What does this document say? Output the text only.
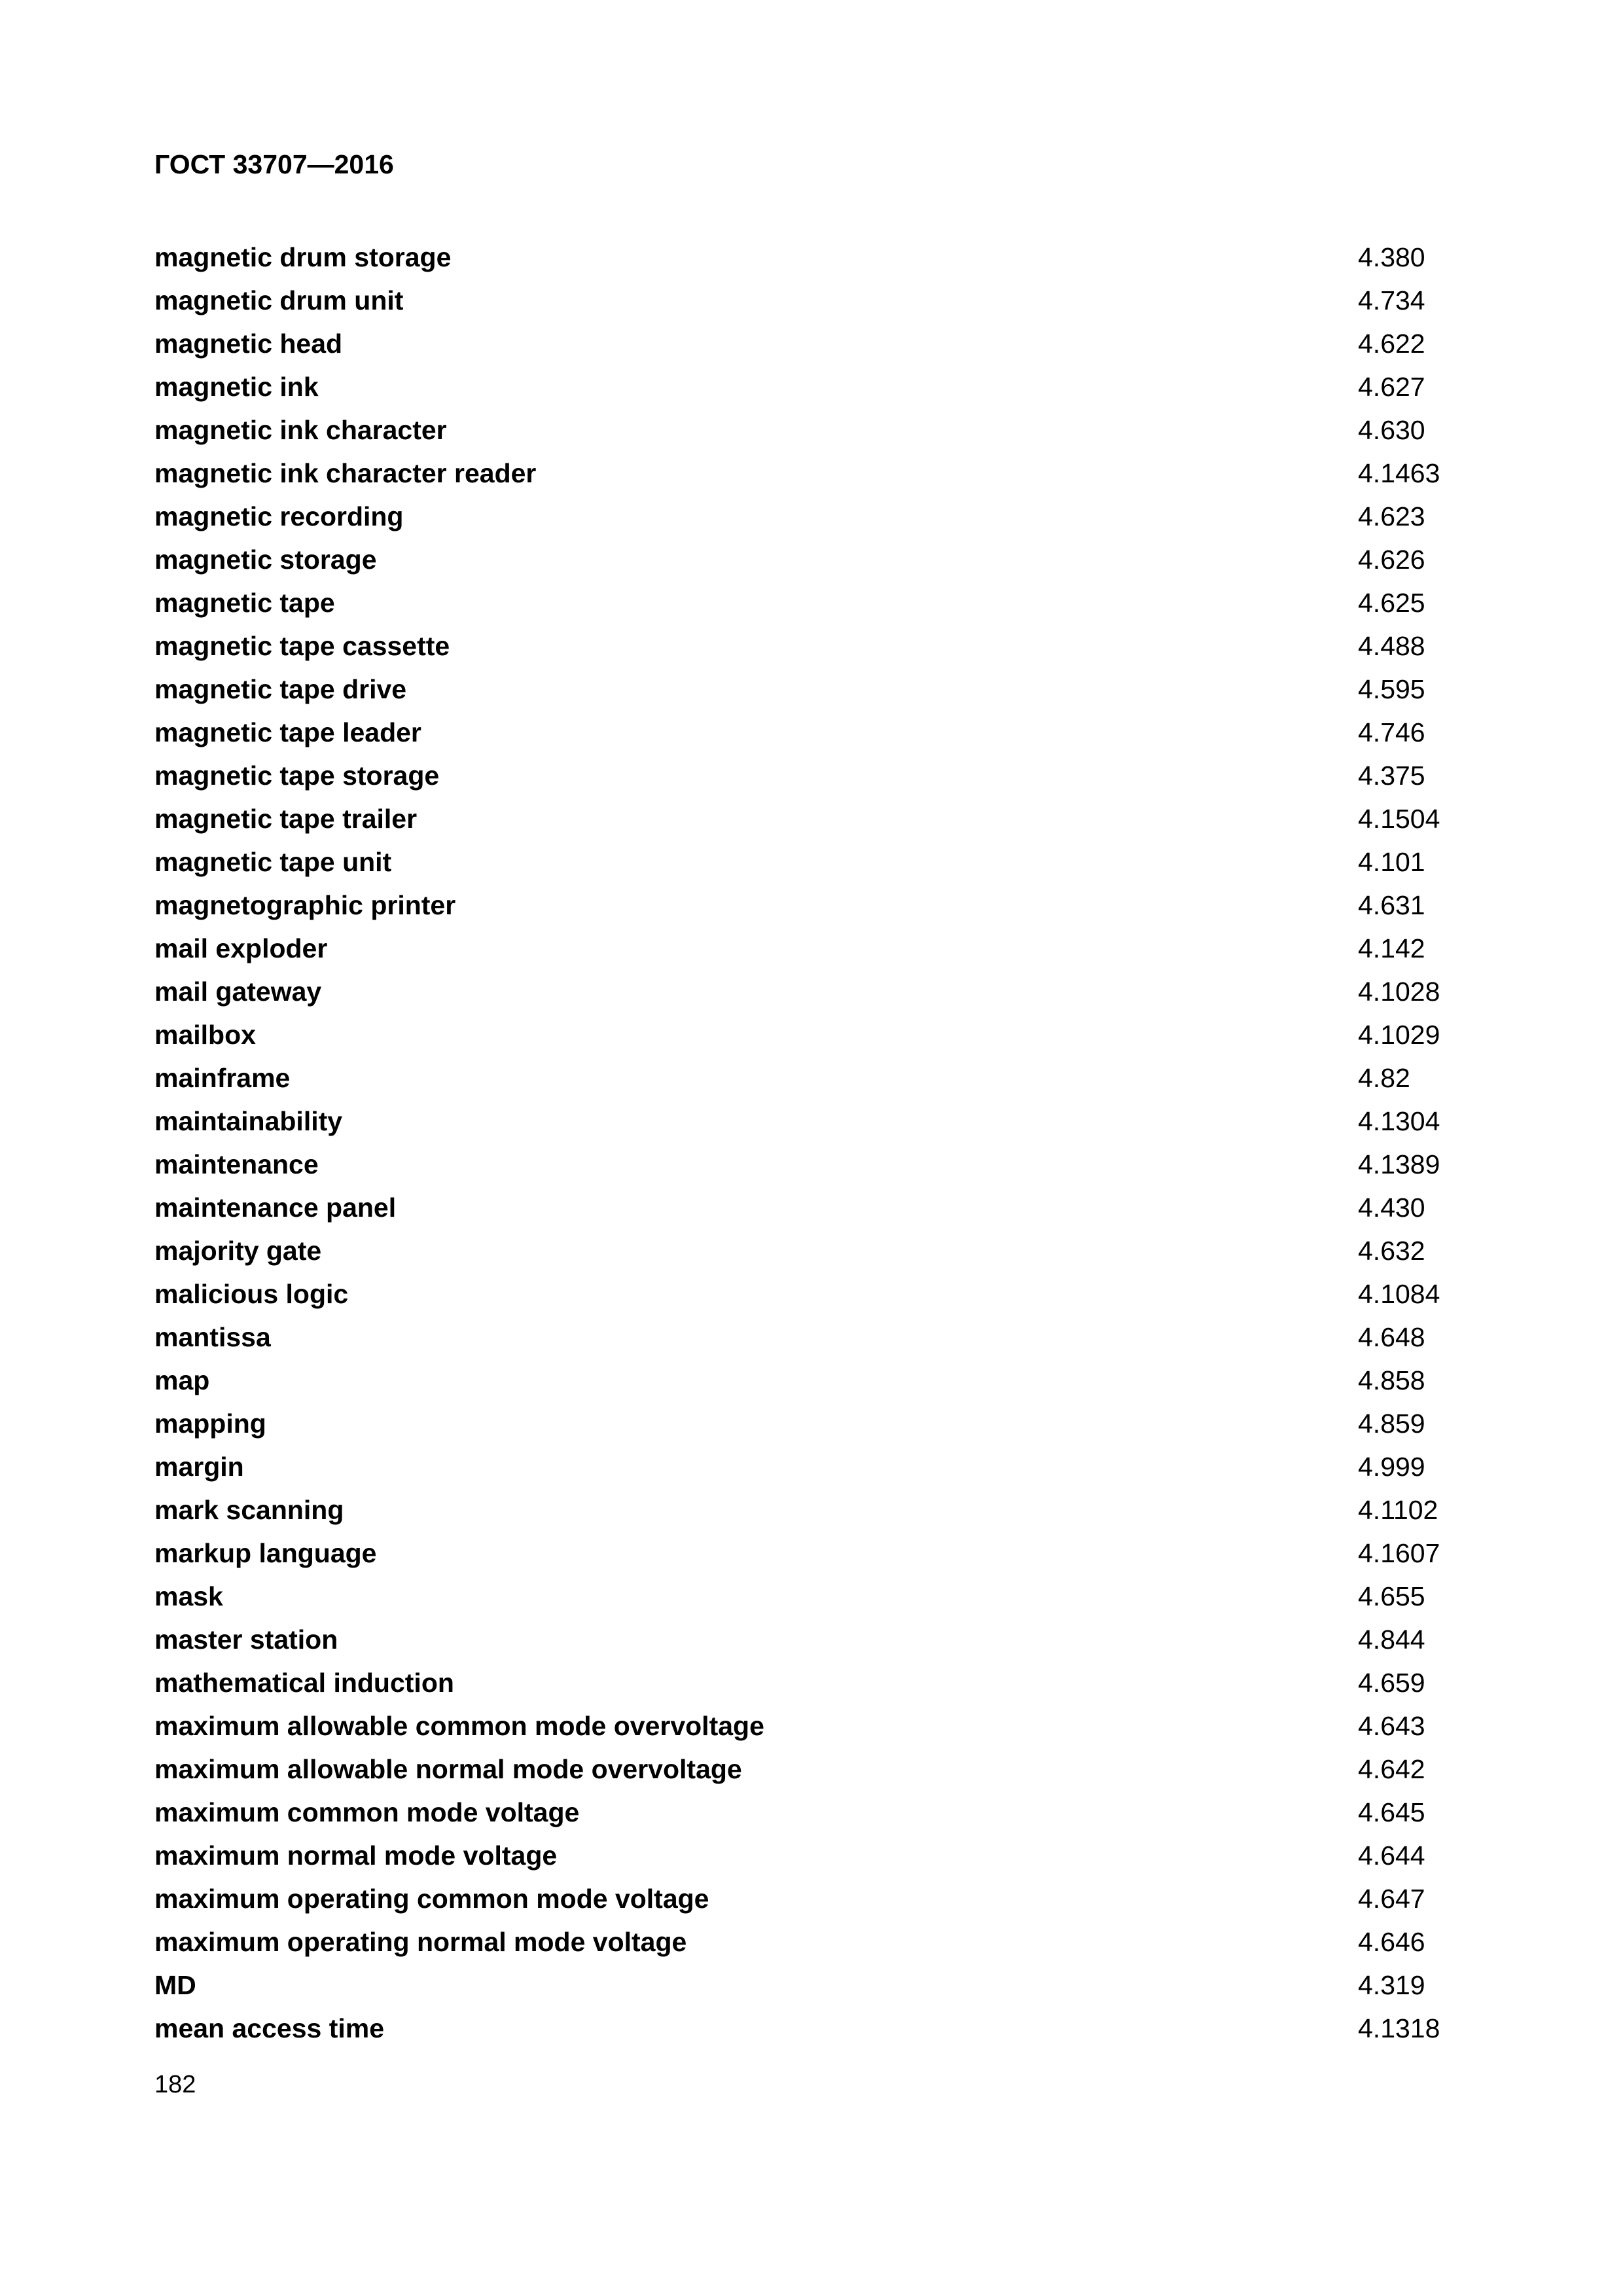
ГОСТ 33707—2016
magnetic drum storage	4.380
magnetic drum unit	4.734
magnetic head	4.622
magnetic ink	4.627
magnetic ink character	4.630
magnetic ink character reader	4.1463
magnetic recording	4.623
magnetic storage	4.626
magnetic tape	4.625
magnetic tape cassette	4.488
magnetic tape drive	4.595
magnetic tape leader	4.746
magnetic tape storage	4.375
magnetic tape trailer	4.1504
magnetic tape unit	4.101
magnetographic printer	4.631
mail exploder	4.142
mail gateway	4.1028
mailbox	4.1029
mainframe	4.82
maintainability	4.1304
maintenance	4.1389
maintenance panel	4.430
majority gate	4.632
malicious logic	4.1084
mantissa	4.648
map	4.858
mapping	4.859
margin	4.999
mark scanning	4.1102
markup language	4.1607
mask	4.655
master station	4.844
mathematical induction	4.659
maximum allowable common mode overvoltage	4.643
maximum allowable normal mode overvoltage	4.642
maximum common mode voltage	4.645
maximum normal mode voltage	4.644
maximum operating common mode voltage	4.647
maximum operating normal mode voltage	4.646
MD	4.319
mean access time	4.1318
182
